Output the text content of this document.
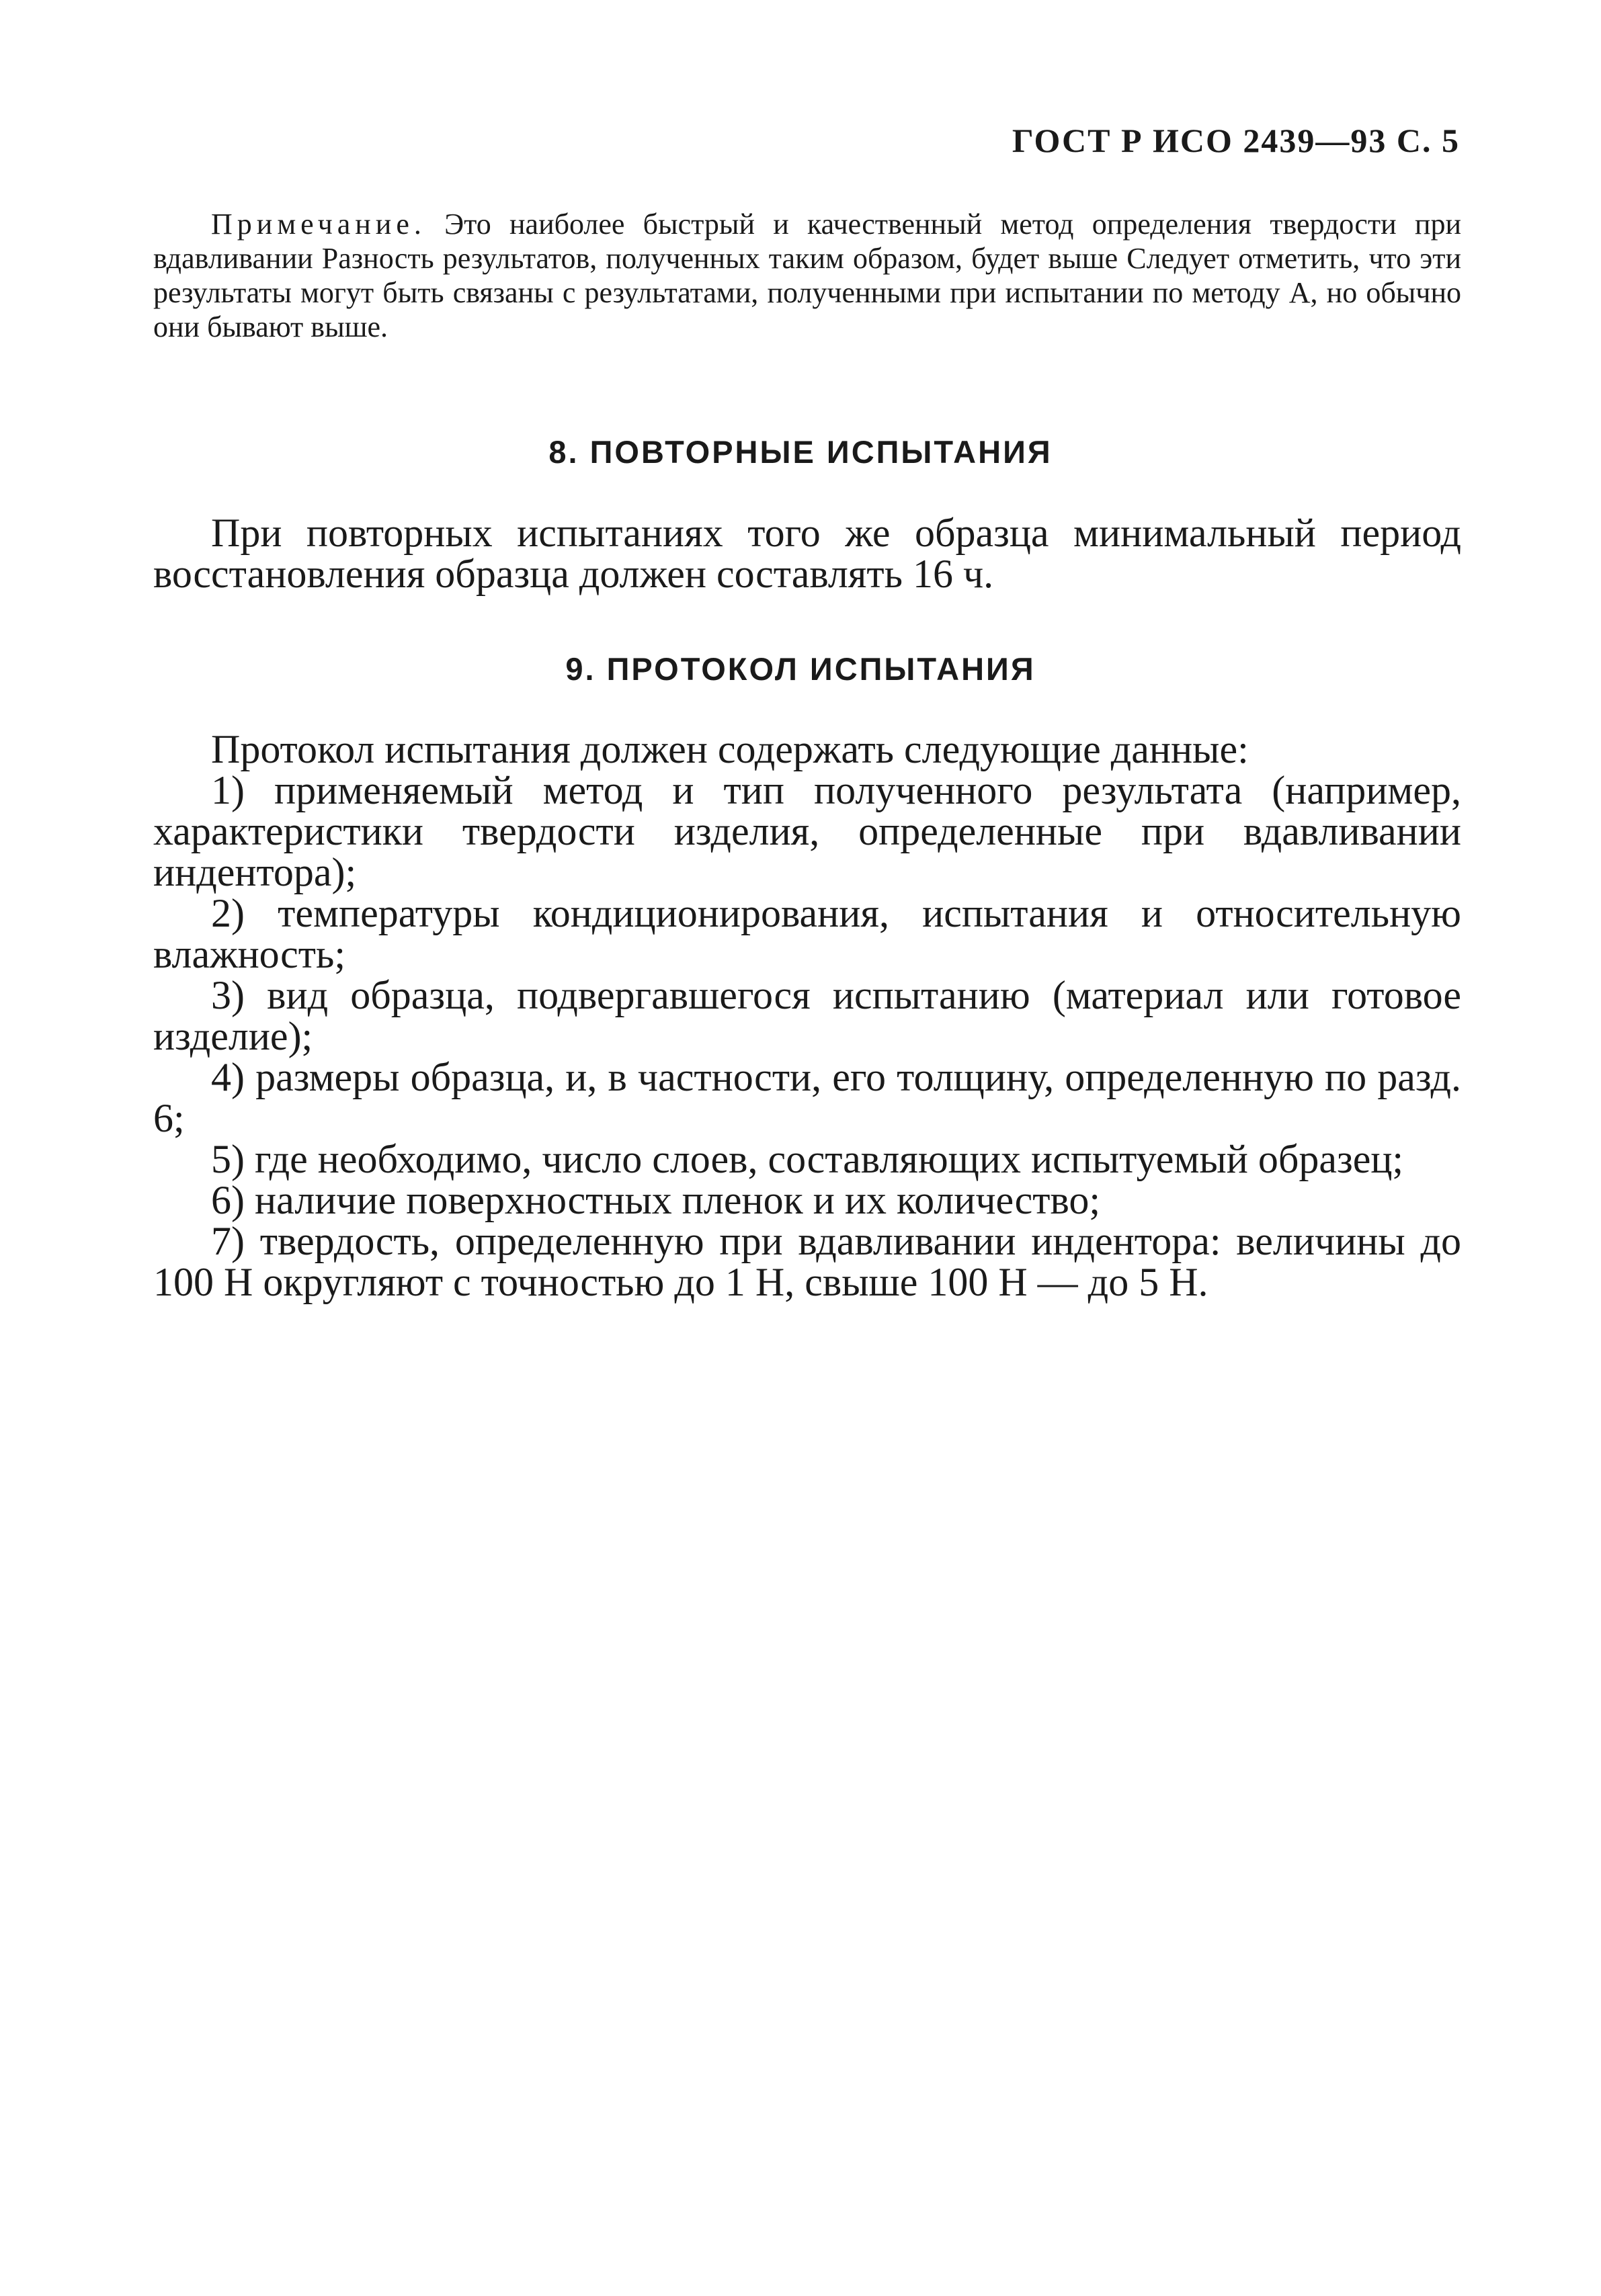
ГОСТ Р ИСО 2439—93 С. 5

Примечание. Это наиболее быстрый и качественный метод определения твердости при вдавливании Разность результатов, полученных таким образом, будет выше Следует отметить, что эти результаты могут быть связаны с результатами, полученными при испытании по методу А, но обычно они бывают выше.

8. ПОВТОРНЫЕ ИСПЫТАНИЯ

При повторных испытаниях того же образца минимальный период восстановления образца должен составлять 16 ч.

9. ПРОТОКОЛ ИСПЫТАНИЯ

Протокол испытания должен содержать следующие данные:

1) применяемый метод и тип полученного результата (например, характеристики твердости изделия, определенные при вдавливании индентора);

2) температуры кондиционирования, испытания и относительную влажность;

3) вид образца, подвергавшегося испытанию (материал или готовое изделие);

4) размеры образца, и, в частности, его толщину, определенную по разд. 6;

5) где необходимо, число слоев, составляющих испытуемый образец;

6) наличие поверхностных пленок и их количество;

7) твердость, определенную при вдавливании индентора: величины до 100 Н округляют с точностью до 1 Н, свыше 100 Н — до 5 Н.
